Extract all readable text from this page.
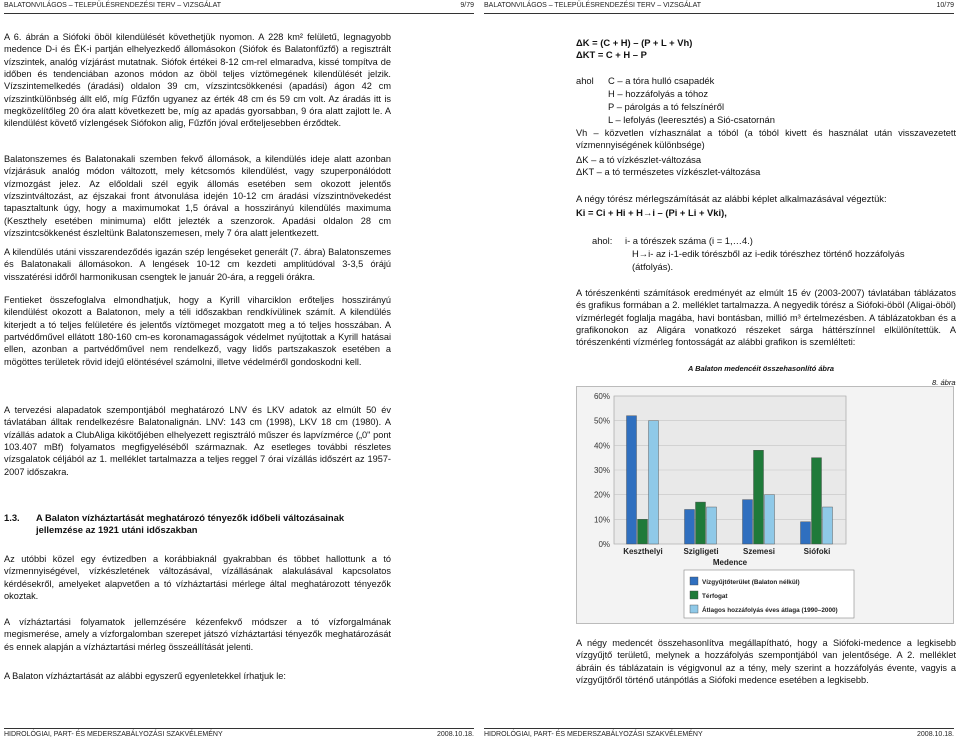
BALATONVILÁGOS – TELEPÜLÉSRENDEZÉSI TERV – VIZSGÁLAT	9/79
A 6. ábrán a Siófoki öböl kilendülését követhetjük nyomon. A 228 km² felületű, legnagyobb medence D-i és ÉK-i partján elhelyezkedő állomásokon (Siófok és Balatonfűzfő) a regisztrált vízszintek, analóg vízjárást mutatnak. Siófok értékei 8-12 cm-rel elmaradva, kissé tompítva de időben és tendenciában azonos módon az öböl teljes víztömegének kilendülését jelzik. Vízszintemelkedés (áradási) oldalon 39 cm, vízszintcsökkenési (apadási) ágon 42 cm vízszintkülönbség állt elő, míg Fűzfőn ugyanez az érték 48 cm és 59 cm volt. Az áradás itt is megközelítőleg 20 óra alatt következett be, míg az apadás gyorsabban, 9 óra alatt zajlott le. A kilendülést követő vízlengések Siófokon alig, Fűzfőn jóval erőteljesebben érződtek.
Balatonszemes és Balatonakali szemben fekvő állomások, a kilendülés ideje alatt azonban vízjárásuk analóg módon változott, mely kétcsomós kilendülést, vagy szuperponálódott vízmozgást jelez. Az előoldali szél egyik állomás esetében sem okozott jelentős vízszintváltozást, az éjszakai front átvonulása idején 10-12 cm áradási vízszintnövekedést tapasztaltunk úgy, hogy a maximumokat 1,5 órával a hosszirányú kilendülés maximuma (Keszthely esetében minimuma) előtt jelezték a szenzorok. Apadási oldalon 28 cm vízszintcsökkenést észleltünk Balatonszemesen, mely 7 óra alatt jelentkezett.
A kilendülés utáni visszarendeződés igazán szép lengéseket generált (7. ábra) Balatonszemes és Balatonakali állomásokon. A lengések 10-12 cm kezdeti amplitúdóval 3-3,5 órájú visszatérési időről harmonikusan csengtek le január 20-ára, a reggeli órákra.
Fentieket összefoglalva elmondhatjuk, hogy a Kyrill viharciklon erőteljes hosszirányú kilendülést okozott a Balatonon, mely a téli időszakban rendkívülinek számít. A kilendülés kiterjedt a tó teljes felületére és jelentős víztömeget mozgatott meg a tó teljes hosszában. A partvédőművel ellátott 180-160 cm-es koronamagasságok védelmet nyújtottak a Kyrill hatásai ellen, azonban a partvédőművel nem rendelkező, vagy Iidős partszakaszok esetében a mögöttes területek rövid idejű elöntésével számolni, illetve védelméről gondoskodni kell.
A tervezési alapadatok szempontjából meghatározó LNV és LKV adatok az elmúlt 50 év távlatában álltak rendelkezésre Balatonalignán. LNV: 143 cm (1998), LKV 18 cm (1980). A vízállás adatok a ClubAliga kikötőjében elhelyezett regisztráló műszer és lapvízmérce („0" pont 103.407 mBf) folyamatos megfigyeléséből származnak. Az esetleges további részletes vízsgalatok céljából az 1. melléklet tartalmazza a teljes reggel 7 órai vízállás időszért az 1957-2007 időszakra.
1.3. A Balaton vízháztartását meghatározó tényezők időbeli változásainak jellemzése az 1921 utáni időszakban
Az utóbbi közel egy évtizedben a korábbiaknál gyakrabban és többet hallottunk a tó vízmennyiségével, vízkészletének változásával, vízállásának alakulásával kapcsolatos kérdésekről, amelyeket alapvetően a tó vízháztartási mérlege által meghatározott tényezők okoztak.
A vízháztartási folyamatok jellemzésére kézenfekvő módszer a tó vízforgalmának megismerése, amely a vízforgalomban szerepet játszó vízháztartási tényezők meghatározását és ennek alapján a vízháztartási mérleg összeállítását jelenti.
A Balaton vízháztartását az alábbi egyszerű egyenletekkel írhatjuk le:
HIDROLÓGIAI, PART- ÉS MEDERSZABÁLYOZÁSI SZAKVÉLEMÉNY	2008.10.18.
BALATONVILÁGOS – TELEPÜLÉSRENDEZÉSI TERV – VIZSGÁLAT	10/79
ΔK = (C + H) – (P + L + Vh)
ΔKT = C + H – P
ahol C – a tóra hulló csapadék
H – hozzáfolyás a tóhoz
P – párolgás a tó felszínéről
L – lefolyás (leeresztés) a Sió-csatornán
Vh – közvetlen vízhasználat a tóból (a tóból kivett és használat után visszavezetett vízmennyiségének különbsége)
ΔK – a tó vízkészlet-változása
ΔKT – a tó természetes vízkészlet-változása
A négy tórész mérlegszámítását az alábbi képlet alkalmazásával végeztük:
Ki = Ci + Hi + H→i – (Pi + Li + Vki),
ahol: i- a tórészek száma (i = 1,…4.)
H→i- az i-1-edik tórészből az i-edik tórészhez történő hozzáfolyás
(átfolyás).
A tórészenkénti számítások eredményét az elmúlt 15 év (2003-2007) távlatában táblázatos és grafikus formában a 2. melléklet tartalmazza. A negyedik tórész a Siófoki-öböl (Aligai-öböl) vízmérlegét foglalja magába, havi bontásban, millió m³ értelmezésben. A táblázatokban és a grafikonokon az Aligára vonatkozó részeket sárga háttérszínnel elkülönítettük. A tórészenkénti vízmérleg fontosságát az alábbi grafikon is szemlélteti:
A Balaton medencéit összehasonlító ábra
8. ábra
0%
10%
20%
30%
40%
50%
60%
Keszthelyi	Szigligeti	Szemesi	Siófoki
Medence
Vízgyűjtőterület (Balaton nélkül)
Térfogat
Átlagos hozzáfolyás éves átlaga (1990–2000)
A négy medencét összehasonlítva megállapítható, hogy a Siófoki-medence a legkisebb vízgyűjtő területű, melynek a hozzáfolyás szempontjából van jelentősége. A 2. melléklet ábráin és táblázatain is végigvonul az a tény, mely szerint a hozzáfolyás évente, vagyis a vízgyűjtőről történő utánpótlás a Siófoki medence esetében a legkisebb.
HIDROLÓGIAI, PART- ÉS MEDERSZABÁLYOZÁSI SZAKVÉLEMÉNY	2008.10.18.
